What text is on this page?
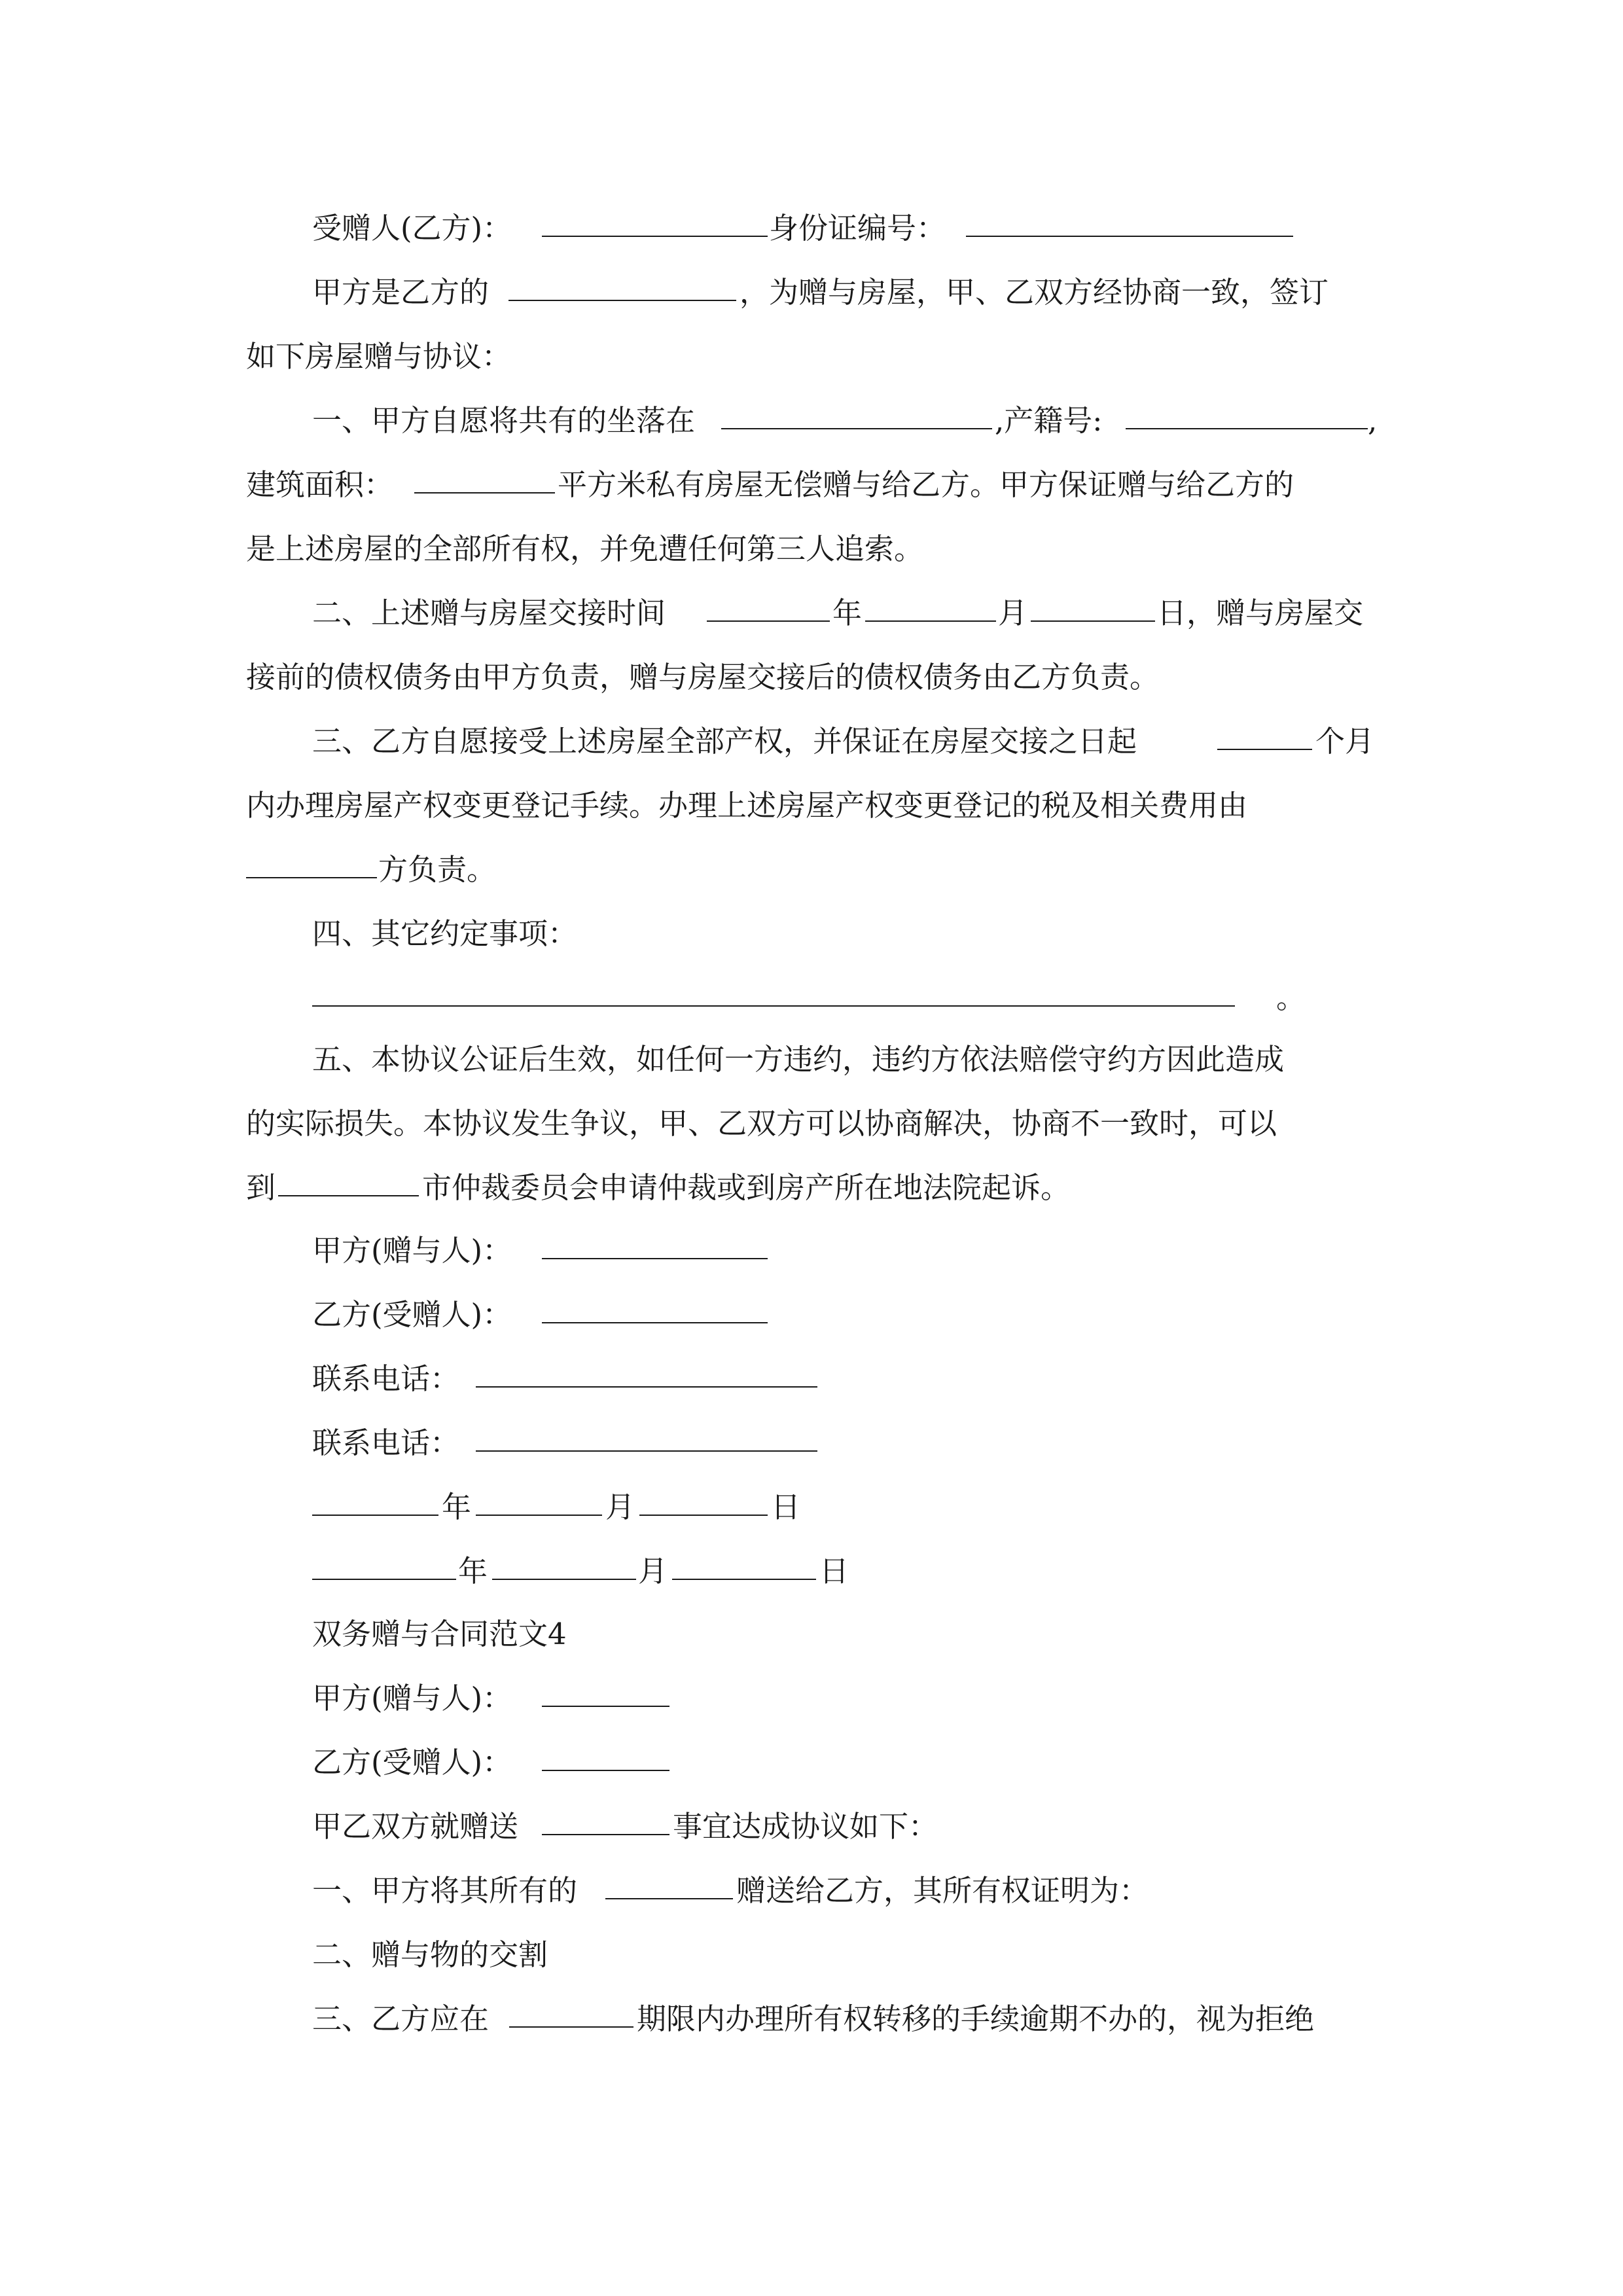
受赠人(乙方)：	身份证编号：
甲方是乙方的	，为赠与房屋，甲、乙双方经协商一致，签订
如下房屋赠与协议：
一、甲方自愿将共有的坐落在	,产籍号:	,
建筑面积：	平方米私有房屋无偿赠与给乙方。甲方保证赠与给乙方的
是上述房屋的全部所有权，并免遭任何第三人追索。
二、上述赠与房屋交接时间	年	月	日，赠与房屋交
接前的债权债务由甲方负责，赠与房屋交接后的债权债务由乙方负责。
三、乙方自愿接受上述房屋全部产权，并保证在房屋交接之日起	个月
内办理房屋产权变更登记手续。办理上述房屋产权变更登记的税及相关费用由
方负责。
四、其它约定事项：
。
五、本协议公证后生效，如任何一方违约，违约方依法赔偿守约方因此造成
的实际损失。本协议发生争议，甲、乙双方可以协商解决，协商不一致时，可以
到	市仲裁委员会申请仲裁或到房产所在地法院起诉。
甲方(赠与人)：
乙方(受赠人)：
联系电话：
联系电话：
年	月	日
年	月	日
双务赠与合同范文4
甲方(赠与人)：
乙方(受赠人)：
甲乙双方就赠送	事宜达成协议如下：
一、甲方将其所有的	赠送给乙方，其所有权证明为：
二、赠与物的交割
三、乙方应在	期限内办理所有权转移的手续逾期不办的，视为拒绝
